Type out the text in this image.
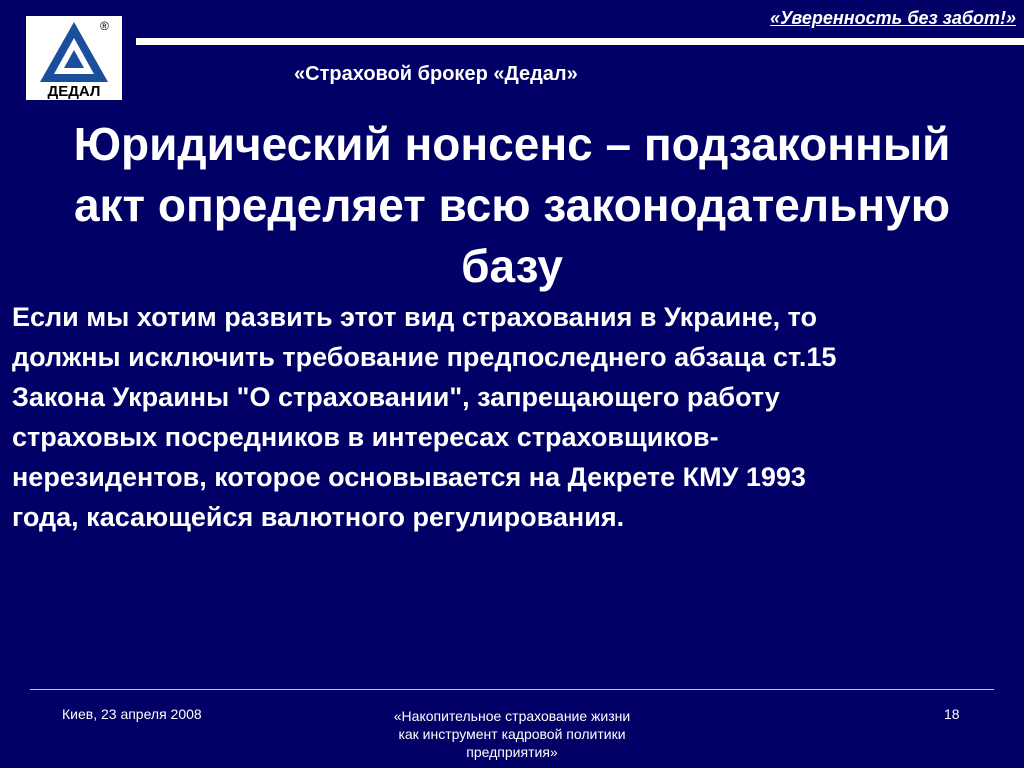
®
ДЕДАЛ
«Уверенность без забот!»
«Страховой брокер «Дедал»
Юридический нонсенс – подзаконный
акт определяет всю законодательную
базу

Если мы хотим развить этот вид страхования в Украине, то

должны исключить требование предпоследнего абзаца ст.15

Закона Украины "О страховании", запрещающего работу

страховых посредников в интересах страховщиков-

нерезидентов, которое основывается на Декрете КМУ 1993

года, касающейся валютного регулирования.

Киев, 23 апреля 2008	«Накопительное страхование жизни
как инструмент кадровой политики
предприятия»
18
